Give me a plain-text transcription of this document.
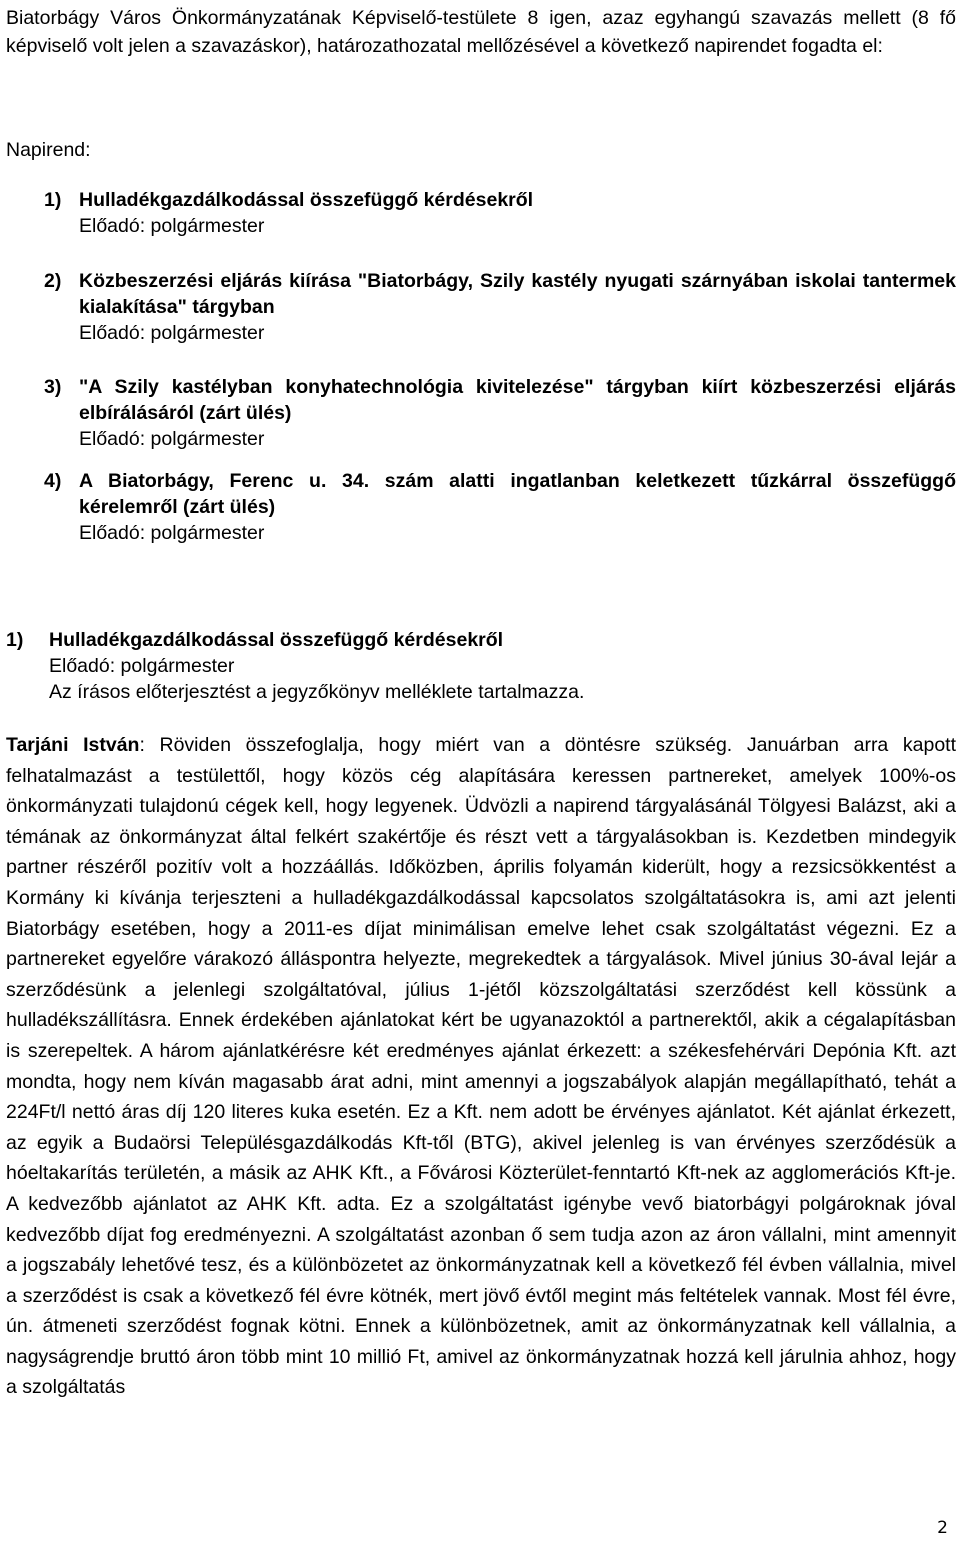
Biatorbágy Város Önkormányzatának Képviselő-testülete 8 igen, azaz egyhangú szavazás mellett (8 fő képviselő volt jelen a szavazáskor), határozathozatal mellőzésével a következő napirendet fogadta el:

Napirend:

1) Hulladékgazdálkodással összefüggő kérdésekről
Előadó: polgármester
2) Közbeszerzési eljárás kiírása "Biatorbágy, Szily kastély nyugati szárnyában iskolai tantermek kialakítása" tárgyban
Előadó: polgármester
3) "A Szily kastélyban konyhatechnológia kivitelezése" tárgyban kiírt közbeszerzési eljárás elbírálásáról (zárt ülés)
Előadó: polgármester
4) A Biatorbágy, Ferenc u. 34. szám alatti ingatlanban keletkezett tűzkárral összefüggő kérelemről (zárt ülés)
Előadó: polgármester
1) Hulladékgazdálkodással összefüggő kérdésekről
Előadó: polgármester
Az írásos előterjesztést a jegyzőkönyv melléklete tartalmazza.

Tarjáni István: Röviden összefoglalja, hogy miért van a döntésre szükség. Januárban arra kapott felhatalmazást a testülettől, hogy közös cég alapítására keressen partnereket, amelyek 100%-os önkormányzati tulajdonú cégek kell, hogy legyenek. Üdvözli a napirend tárgyalásánál Tölgyesi Balázst, aki a témának az önkormányzat által felkért szakértője és részt vett a tárgyalásokban is. Kezdetben mindegyik partner részéről pozitív volt a hozzáállás. Időközben, április folyamán kiderült, hogy a rezsicsökkentést a Kormány ki kívánja terjeszteni a hulladékgazdálkodással kapcsolatos szolgáltatásokra is, ami azt jelenti Biatorbágy esetében, hogy a 2011-es díjat minimálisan emelve lehet csak szolgáltatást végezni. Ez a partnereket egyelőre várakozó álláspontra helyezte, megrekedtek a tárgyalások. Mivel június 30-ával lejár a szerződésünk a jelenlegi szolgáltatóval, július 1-jétől közszolgáltatási szerződést kell kössünk a hulladékszállításra. Ennek érdekében ajánlatokat kért be ugyanazoktól a partnerektől, akik a cégalapításban is szerepeltek. A három ajánlatkérésre két eredményes ajánlat érkezett: a székesfehérvári Depónia Kft. azt mondta, hogy nem kíván magasabb árat adni, mint amennyi a jogszabályok alapján megállapítható, tehát a 224Ft/l nettó áras díj 120 literes kuka esetén. Ez a Kft. nem adott be érvényes ajánlatot. Két ajánlat érkezett, az egyik a Budaörsi Településgazdálkodás Kft-től (BTG), akivel jelenleg is van érvényes szerződésük a hóeltakarítás területén, a másik az AHK Kft., a Fővárosi Közterület-fenntartó Kft-nek az agglomerációs Kft-je. A kedvezőbb ajánlatot az AHK Kft. adta. Ez a szolgáltatást igénybe vevő biatorbágyi polgároknak jóval kedvezőbb díjat fog eredményezni. A szolgáltatást azonban ő sem tudja azon az áron vállalni, mint amennyit a jogszabály lehetővé tesz, és a különbözetet az önkormányzatnak kell a következő fél évben vállalnia, mivel a szerződést is csak a következő fél évre kötnék, mert jövő évtől megint más feltételek vannak. Most fél évre, ún. átmeneti szerződést fognak kötni. Ennek a különbözetnek, amit az önkormányzatnak kell vállalnia, a nagyságrendje bruttó áron több mint 10 millió Ft, amivel az önkormányzatnak hozzá kell járulnia ahhoz, hogy a szolgáltatás

2
